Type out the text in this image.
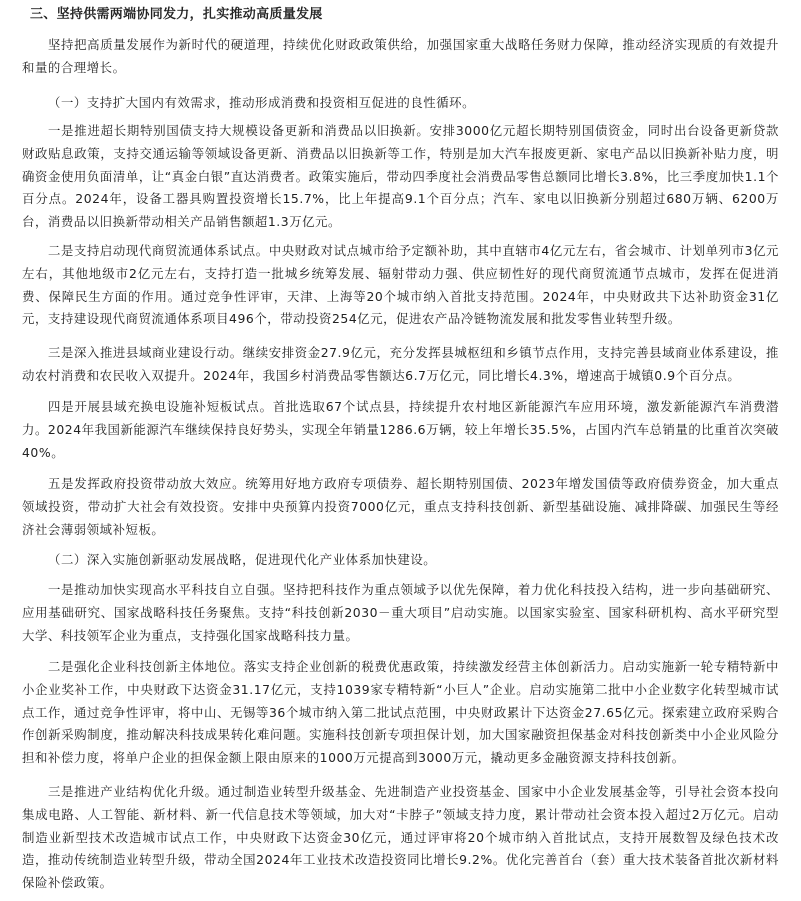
三、坚持供需两端协同发力，扎实推动高质量发展

坚持把高质量发展作为新时代的硬道理，持续优化财政政策供给，加强国家重大战略任务财力保障，推动经济实现质的有效提升和量的合理增长。

（一）支持扩大国内有效需求，推动形成消费和投资相互促进的良性循环。

一是推进超长期特别国债支持大规模设备更新和消费品以旧换新。安排3000亿元超长期特别国债资金，同时出台设备更新贷款财政贴息政策，支持交通运输等领域设备更新、消费品以旧换新等工作，特别是加大汽车报废更新、家电产品以旧换新补贴力度，明确资金使用负面清单，让“真金白银”直达消费者。政策实施后，带动四季度社会消费品零售总额同比增长3.8%，比三季度加快1.1个百分点。2024年，设备工器具购置投资增长15.7%，比上年提高9.1个百分点；汽车、家电以旧换新分别超过680万辆、6200万台，消费品以旧换新带动相关产品销售额超1.3万亿元。

二是支持启动现代商贸流通体系试点。中央财政对试点城市给予定额补助，其中直辖市4亿元左右，省会城市、计划单列市3亿元左右，其他地级市2亿元左右，支持打造一批城乡统筹发展、辐射带动力强、供应韧性好的现代商贸流通节点城市，发挥在促进消费、保障民生方面的作用。通过竞争性评审，天津、上海等20个城市纳入首批支持范围。2024年，中央财政共下达补助资金31亿元，支持建设现代商贸流通体系项目496个，带动投资254亿元，促进农产品冷链物流发展和批发零售业转型升级。

三是深入推进县域商业建设行动。继续安排资金27.9亿元，充分发挥县城枢纽和乡镇节点作用，支持完善县域商业体系建设，推动农村消费和农民收入双提升。2024年，我国乡村消费品零售额达6.7万亿元，同比增长4.3%，增速高于城镇0.9个百分点。

四是开展县域充换电设施补短板试点。首批选取67个试点县，持续提升农村地区新能源汽车应用环境，激发新能源汽车消费潜力。2024年我国新能源汽车继续保持良好势头，实现全年销量1286.6万辆，较上年增长35.5%，占国内汽车总销量的比重首次突破40%。

五是发挥政府投资带动放大效应。统筹用好地方政府专项债券、超长期特别国债、2023年增发国债等政府债券资金，加大重点领域投资，带动扩大社会有效投资。安排中央预算内投资7000亿元，重点支持科技创新、新型基础设施、减排降碳、加强民生等经济社会薄弱领域补短板。

（二）深入实施创新驱动发展战略，促进现代化产业体系加快建设。

一是推动加快实现高水平科技自立自强。坚持把科技作为重点领域予以优先保障，着力优化科技投入结构，进一步向基础研究、应用基础研究、国家战略科技任务聚焦。支持“科技创新2030－重大项目”启动实施。以国家实验室、国家科研机构、高水平研究型大学、科技领军企业为重点，支持强化国家战略科技力量。

二是强化企业科技创新主体地位。落实支持企业创新的税费优惠政策，持续激发经营主体创新活力。启动实施新一轮专精特新中小企业奖补工作，中央财政下达资金31.17亿元，支持1039家专精特新“小巨人”企业。启动实施第二批中小企业数字化转型城市试点工作，通过竞争性评审，将中山、无锡等36个城市纳入第二批试点范围，中央财政累计下达资金27.65亿元。探索建立政府采购合作创新采购制度，推动解决科技成果转化难问题。实施科技创新专项担保计划，加大国家融资担保基金对科技创新类中小企业风险分担和补偿力度，将单户企业的担保金额上限由原来的1000万元提高到3000万元，撬动更多金融资源支持科技创新。

三是推进产业结构优化升级。通过制造业转型升级基金、先进制造产业投资基金、国家中小企业发展基金等，引导社会资本投向集成电路、人工智能、新材料、新一代信息技术等领域，加大对“卡脖子”领域支持力度，累计带动社会资本投入超过2万亿元。启动制造业新型技术改造城市试点工作，中央财政下达资金30亿元，通过评审将20个城市纳入首批试点，支持开展数智及绿色技术改造，推动传统制造业转型升级，带动全国2024年工业技术改造投资同比增长9.2%。优化完善首台（套）重大技术装备首批次新材料保险补偿政策。
